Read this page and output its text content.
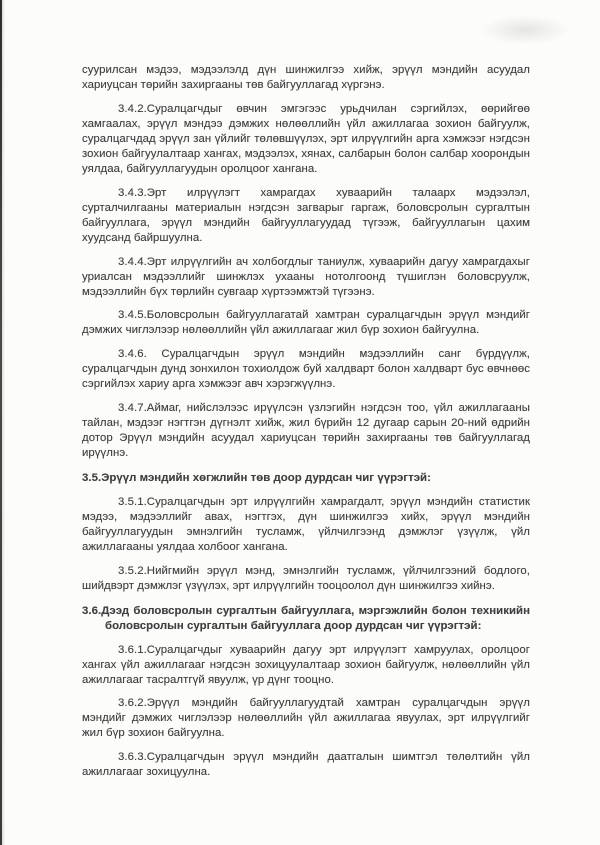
суурилсан мэдээ, мэдээлэлд дүн шинжилгээ хийж, эрүүл мэндийн асуудал хариуцсан төрийн захиргааны төв байгууллагад хүргэнэ.

3.4.2.Суралцагчдыг өвчин эмгэгээс урьдчилан сэргийлэх, өөрийгөө хамгаалах, эрүүл мэндээ дэмжих нөлөөллийн үйл ажиллагаа зохион байгуулж, суралцагчдад эрүүл зан үйлийг төлөвшүүлэх, эрт илрүүлгийн арга хэмжээг нэгдсэн зохион байгуулалтаар хангах, мэдээлэх, хянах, салбарын болон салбар хоорондын уялдаа, байгууллагуудын оролцоог хангана.

3.4.3.Эрт илрүүлэгт хамрагдах хуваарийн талаарх мэдээлэл, сурталчилгааны материалын нэгдсэн загварыг гаргаж, боловсролын сургалтын байгууллага, эрүүл мэндийн байгууллагуудад түгээж, байгууллагын цахим хуудсанд байршуулна.

3.4.4.Эрт илрүүлгийн ач холбогдлыг таниулж, хуваарийн дагуу хамрагдахыг уриалсан мэдээллийг шинжлэх ухааны нотолгоонд түшиглэн боловсруулж, мэдээллийн бүх төрлийн сувгаар хүртээмжтэй түгээнэ.

3.4.5.Боловсролын байгууллагатай хамтран суралцагчдын эрүүл мэндийг дэмжих чиглэлээр нөлөөллийн үйл ажиллагааг жил бүр зохион байгуулна.

3.4.6. Суралцагчдын эрүүл мэндийн мэдээллийн санг бүрдүүлж, суралцагчдын дунд зонхилон тохиолдож буй халдварт болон халдварт бус өвчнөөс сэргийлэх хариу арга хэмжээг авч хэрэгжүүлнэ.

3.4.7.Аймаг, нийслэлээс ирүүлсэн үзлэгийн нэгдсэн тоо, үйл ажиллагааны тайлан, мэдээг нэгтгэн дүгнэлт хийж, жил бүрийн 12 дугаар сарын 20-ний өдрийн дотор Эрүүл мэндийн асуудал хариуцсан төрийн захиргааны төв байгууллагад ирүүлнэ.

3.5.Эрүүл мэндийн хөгжлийн төв доор дурдсан чиг үүрэгтэй:

3.5.1.Суралцагчдын эрт илрүүлгийн хамрагдалт, эрүүл мэндийн статистик мэдээ, мэдээллийг авах, нэгтгэх, дүн шинжилгээ хийх, эрүүл мэндийн байгууллагуудын эмнэлгийн тусламж, үйлчилгээнд дэмжлэг үзүүлж, үйл ажиллагааны уялдаа холбоог хангана.

3.5.2.Нийгмийн эрүүл мэнд, эмнэлгийн тусламж, үйлчилгээний бодлого, шийдвэрт дэмжлэг үзүүлэх, эрт илрүүлгийн тооцоолол дүн шинжилгээ хийнэ.

3.6.Дээд боловсролын сургалтын байгууллага, мэргэжлийн болон техникийн боловсролын сургалтын байгууллага доор дурдсан чиг үүрэгтэй:

3.6.1.Суралцагчдыг хуваарийн дагуу эрт илрүүлэгт хамруулах, оролцоог хангах үйл ажиллагааг нэгдсэн зохицуулалтаар зохион байгуулж, нөлөөллийн үйл ажиллагааг тасралтгүй явуулж, үр дүнг тооцно.

3.6.2.Эрүүл мэндийн байгууллагуудтай хамтран суралцагчдын эрүүл мэндийг дэмжих чиглэлээр нөлөөллийн үйл ажиллагаа явуулах, эрт илрүүлгийг жил бүр зохион байгуулна.

3.6.3.Суралцагчдын эрүүл мэндийн даатгалын шимтгэл төлөлтийн үйл ажиллагааг зохицуулна.
